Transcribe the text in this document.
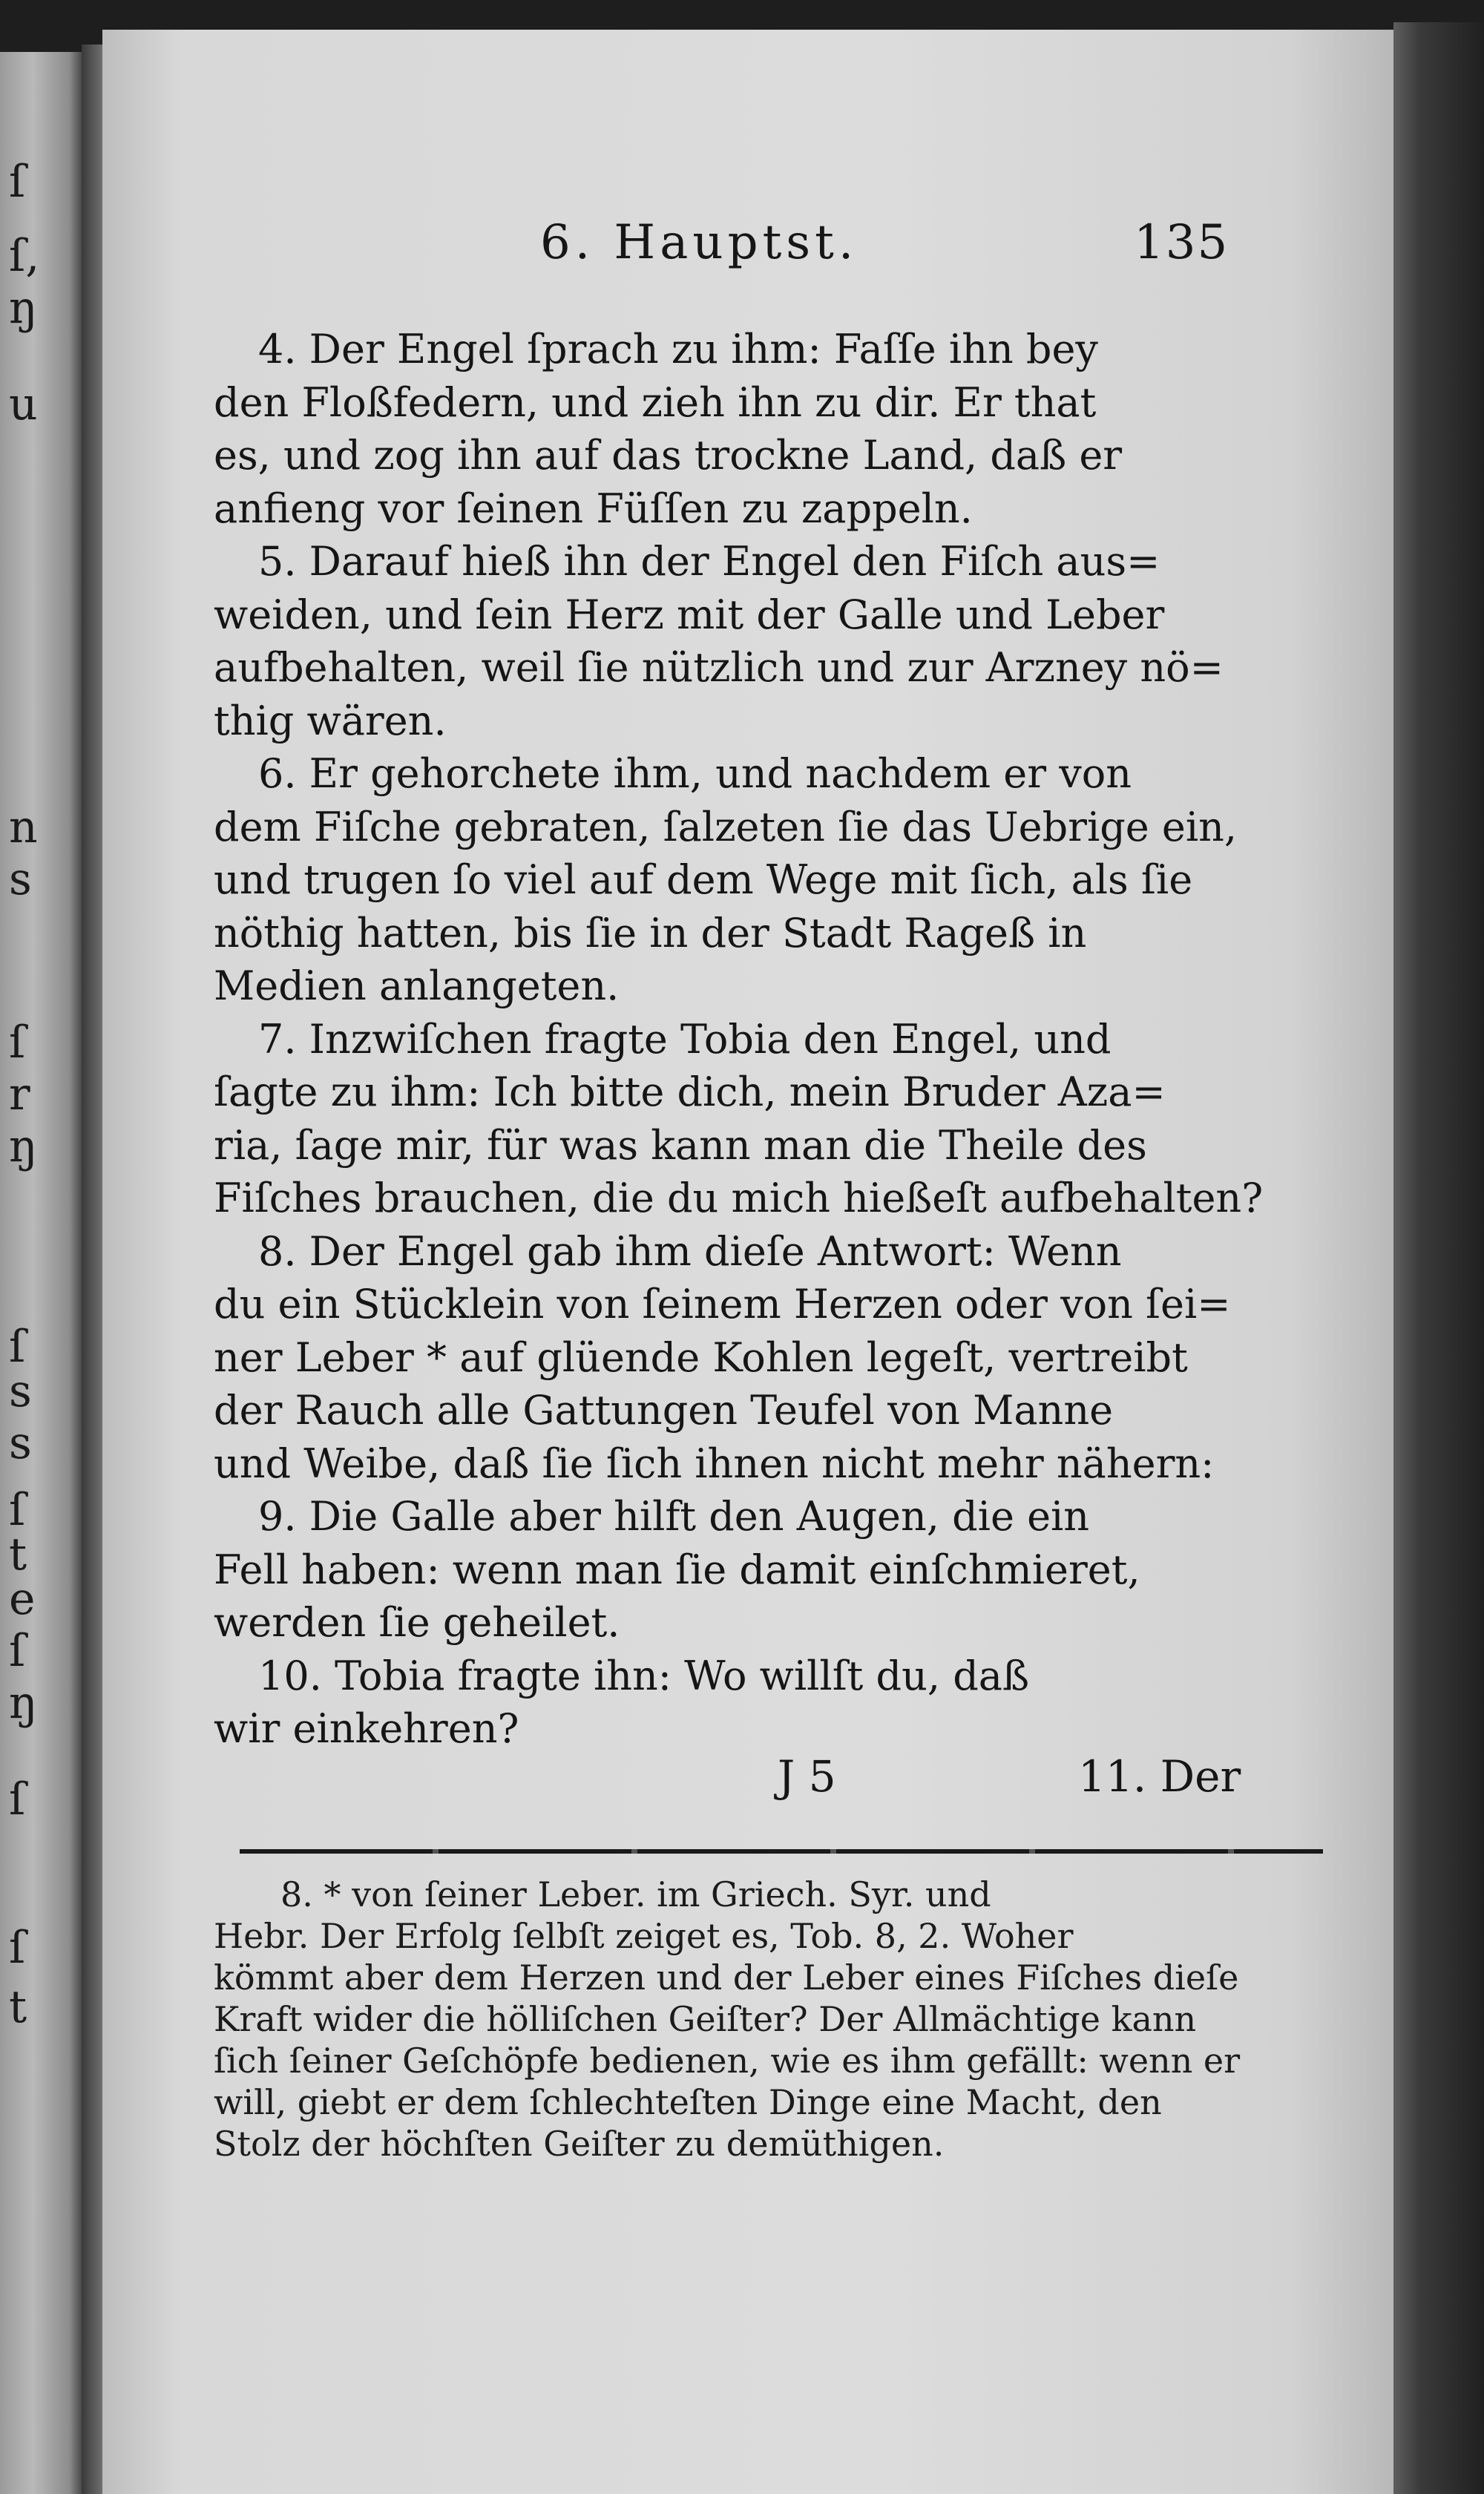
ſ
ſ,
ŋ
u
n
s
ſ
r
ŋ
ſ
s
s
ſ
t
e
ſ
ŋ
ſ
ſ
t
6. Hauptst.	135

4. Der Engel ſprach zu ihm: Faſſe ihn bey
den Floßfedern, und zieh ihn zu dir. Er that
es, und zog ihn auf das trockne Land, daß er
anfieng vor ſeinen Füſſen zu zappeln.

5. Darauf hieß ihn der Engel den Fiſch aus=
weiden, und ſein Herz mit der Galle und Leber
aufbehalten, weil ſie nützlich und zur Arzney nö=
thig wären.

6. Er gehorchete ihm, und nachdem er von
dem Fiſche gebraten, ſalzeten ſie das Uebrige ein,
und trugen ſo viel auf dem Wege mit ſich, als ſie
nöthig hatten, bis ſie in der Stadt Rageß in
Medien anlangeten.

7. Inzwiſchen fragte Tobia den Engel, und
ſagte zu ihm: Ich bitte dich, mein Bruder Aza=
ria, ſage mir, für was kann man die Theile des
Fiſches brauchen, die du mich hießeſt aufbehalten?

8. Der Engel gab ihm dieſe Antwort: Wenn
du ein Stücklein von ſeinem Herzen oder von ſei=
ner Leber * auf glüende Kohlen legeſt, vertreibt
der Rauch alle Gattungen Teufel von Manne
und Weibe, daß ſie ſich ihnen nicht mehr nähern:

9. Die Galle aber hilft den Augen, die ein
Fell haben: wenn man ſie damit einſchmieret,
werden ſie geheilet.

10. Tobia fragte ihn: Wo willſt du, daß
wir einkehren?

J 5	11. Der
8. * von ſeiner Leber. im Griech. Syr. und
Hebr. Der Erfolg ſelbſt zeiget es, Tob. 8, 2. Woher
kömmt aber dem Herzen und der Leber eines Fiſches dieſe
Kraft wider die hölliſchen Geiſter? Der Allmächtige kann
ſich ſeiner Geſchöpfe bedienen, wie es ihm gefällt: wenn er
will, giebt er dem ſchlechteſten Dinge eine Macht, den
Stolz der höchſten Geiſter zu demüthigen.
